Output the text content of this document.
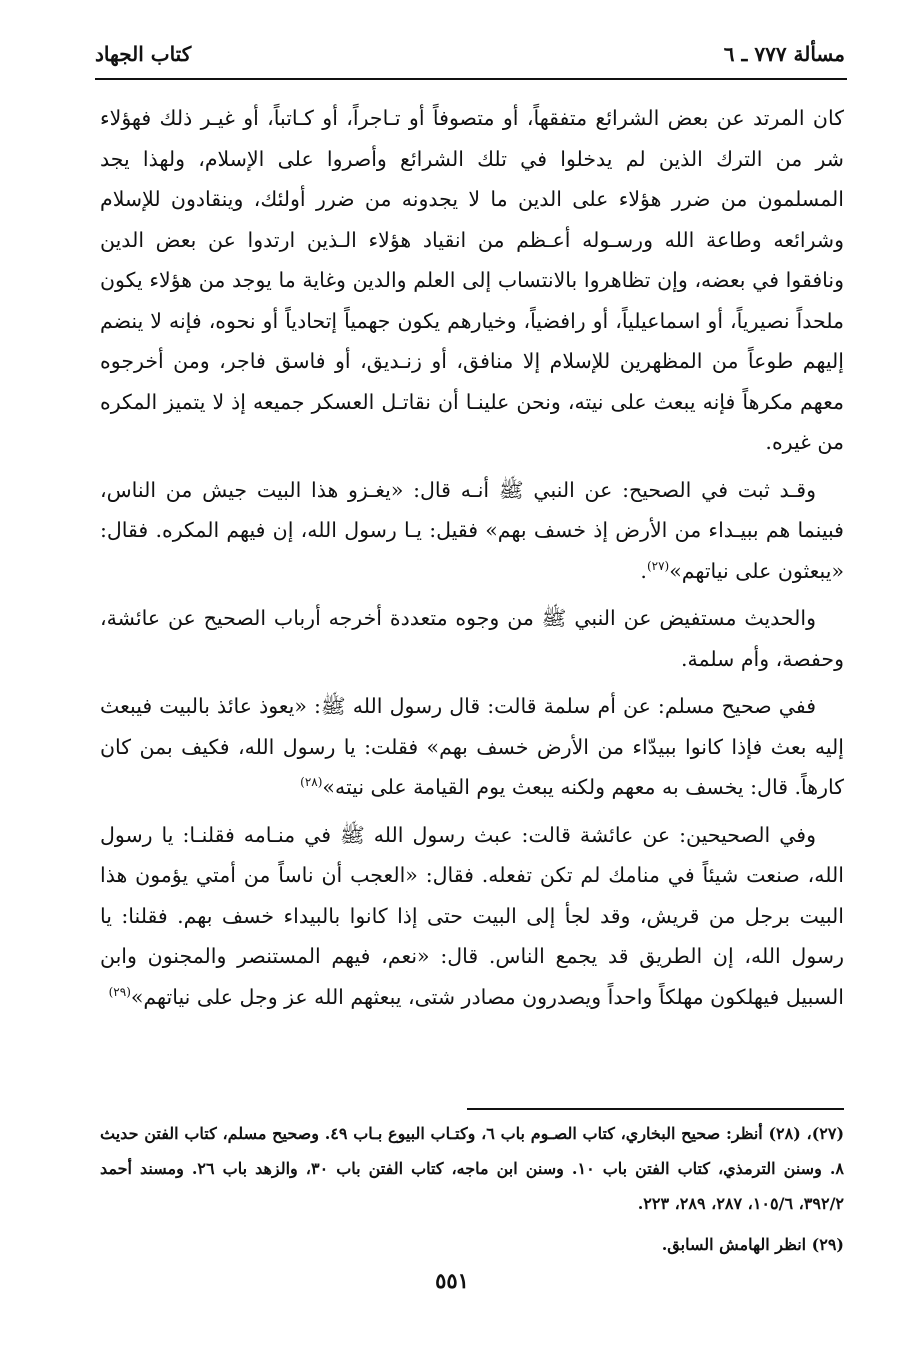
مسألة ٧٧٧ ـ ٦
كتاب الجهاد

كان المرتد عن بعض الشرائع متفقهاً، أو متصوفاً أو تـاجراً، أو كـاتباً، أو غيـر ذلك فهؤلاء شر من الترك الذين لم يدخلوا في تلك الشرائع وأصروا على الإسلام، ولهذا يجد المسلمون من ضرر هؤلاء على الدين ما لا يجدونه من ضرر أولئك، وينقادون للإسلام وشرائعه وطاعة الله ورسـوله أعـظم من انقياد هؤلاء الـذين ارتدوا عن بعض الدين ونافقوا في بعضه، وإن تظاهروا بالانتساب إلى العلم والدين وغاية ما يوجد من هؤلاء يكون ملحداً نصيرياً، أو اسماعيلياً، أو رافضياً، وخيارهم يكون جهمياً إتحادياً أو نحوه، فإنه لا ينضم إليهم طوعاً من المظهرين للإسلام إلا منافق، أو زنـديق، أو فاسق فاجر، ومن أخرجوه معهم مكرهاً فإنه يبعث على نيته، ونحن علينـا أن نقاتـل العسكر جميعه إذ لا يتميز المكره من غيره.

وقـد ثبت في الصحيح: عن النبي ﷺ أنـه قال: «يغـزو هذا البيت جيش من الناس، فبينما هم ببيـداء من الأرض إذ خسف بهم» فقيل: يـا رسول الله، إن فيهم المكره. فقال: «يبعثون على نياتهم»$^{(٢٧)}$.

والحديث مستفيض عن النبي ﷺ من وجوه متعددة أخرجه أرباب الصحيح عن عائشة، وحفصة، وأم سلمة.

ففي صحيح مسلم: عن أم سلمة قالت: قال رسول الله ﷺ: «يعوذ عائذ بالبيت فيبعث إليه بعث فإذا كانوا ببيدّاء من الأرض خسف بهم» فقلت: يا رسول الله، فكيف بمن كان كارهاً. قال: يخسف به معهم ولكنه يبعث يوم القيامة على نيته»$^{(٢٨)}$

وفي الصحيحين: عن عائشة قالت: عبث رسول الله ﷺ في منـامه فقلنـا: يا رسول الله، صنعت شيئاً في منامك لم تكن تفعله. فقال: «العجب أن ناساً من أمتي يؤمون هذا البيت برجل من قريش، وقد لجأ إلى البيت حتى إذا كانوا بالبيداء خسف بهم. فقلنا: يا رسول الله، إن الطريق قد يجمع الناس. قال: «نعم، فيهم المستنصر والمجنون وابن السبيل فيهلكون مهلكاً واحداً ويصدرون مصادر شتى، يبعثهم الله عز وجل على نياتهم»$^{(٢٩)}$

(٢٧)، (٢٨) أنظر: صحيح البخاري، كتاب الصـوم باب ٦، وكتـاب البيوع بـاب ٤٩. وصحيح مسلم، كتاب الفتن حديث ٨. وسنن الترمذي، كتاب الفتن باب ١٠. وسنن ابن ماجه، كتاب الفتن باب ٣٠، والزهد باب ٢٦. ومسند أحمد ٣٩٢/٢، ١٠٥/٦، ٢٨٧، ٢٨٩، ٢٢٣.

(٢٩) انظر الهامش السابق.

٥٥١
